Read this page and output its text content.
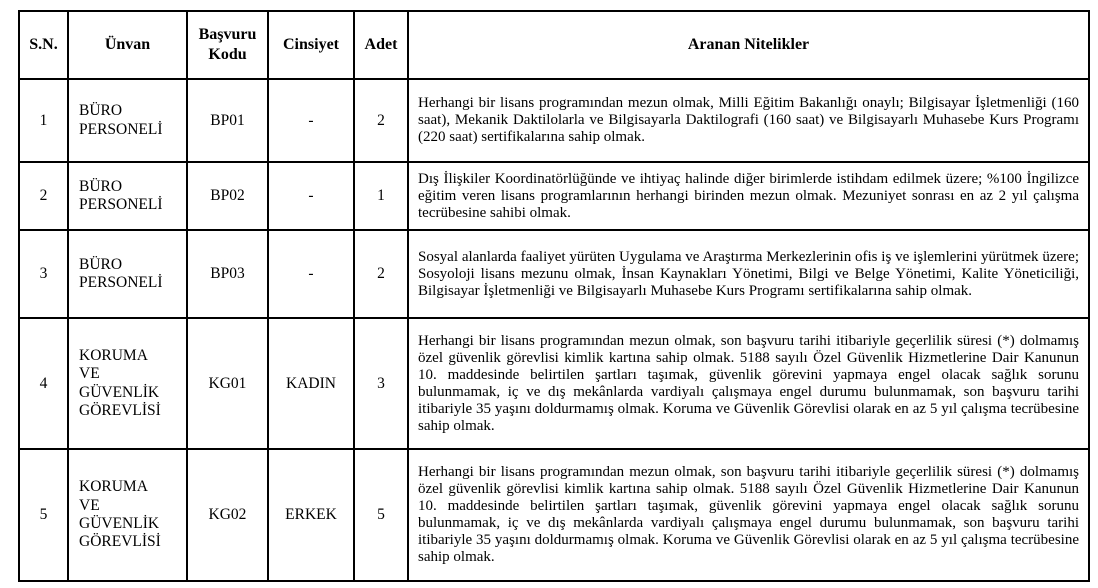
S.N.	Ünvan	Başvuru Kodu	Cinsiyet	Adet	Aranan Nitelikler
1	BÜRO PERSONELİ	BP01	-	2	Herhangi bir lisans programından mezun olmak, Milli Eğitim Bakanlığı onaylı; Bilgisayar İşletmenliği (160 saat), Mekanik Daktilolarla ve Bilgisayarla Daktilografi (160 saat) ve Bilgisayarlı Muhasebe Kurs Programı (220 saat) sertifikalarına sahip olmak.
2	BÜRO PERSONELİ	BP02	-	1	Dış İlişkiler Koordinatörlüğünde ve ihtiyaç halinde diğer birimlerde istihdam edilmek üzere; %100 İngilizce eğitim veren lisans programlarının herhangi birinden mezun olmak. Mezuniyet sonrası en az 2 yıl çalışma tecrübesine sahibi olmak.
3	BÜRO PERSONELİ	BP03	-	2	Sosyal alanlarda faaliyet yürüten Uygulama ve Araştırma Merkezlerinin ofis iş ve işlemlerini yürütmek üzere; Sosyoloji lisans mezunu olmak, İnsan Kaynakları Yönetimi, Bilgi ve Belge Yönetimi, Kalite Yöneticiliği, Bilgisayar İşletmenliği ve Bilgisayarlı Muhasebe Kurs Programı sertifikalarına sahip olmak.
4	KORUMA VE GÜVENLİK GÖREVLİSİ	KG01	KADIN	3	Herhangi bir lisans programından mezun olmak, son başvuru tarihi itibariyle geçerlilik süresi (*) dolmamış özel güvenlik görevlisi kimlik kartına sahip olmak. 5188 sayılı Özel Güvenlik Hizmetlerine Dair Kanunun 10. maddesinde belirtilen şartları taşımak, güvenlik görevini yapmaya engel olacak sağlık sorunu bulunmamak, iç ve dış mekânlarda vardiyalı çalışmaya engel durumu bulunmamak, son başvuru tarihi itibariyle 35 yaşını doldurmamış olmak. Koruma ve Güvenlik Görevlisi olarak en az 5 yıl çalışma tecrübesine sahip olmak.
5	KORUMA VE GÜVENLİK GÖREVLİSİ	KG02	ERKEK	5	Herhangi bir lisans programından mezun olmak, son başvuru tarihi itibariyle geçerlilik süresi (*) dolmamış özel güvenlik görevlisi kimlik kartına sahip olmak. 5188 sayılı Özel Güvenlik Hizmetlerine Dair Kanunun 10. maddesinde belirtilen şartları taşımak, güvenlik görevini yapmaya engel olacak sağlık sorunu bulunmamak, iç ve dış mekânlarda vardiyalı çalışmaya engel durumu bulunmamak, son başvuru tarihi itibariyle 35 yaşını doldurmamış olmak. Koruma ve Güvenlik Görevlisi olarak en az 5 yıl çalışma tecrübesine sahip olmak.
